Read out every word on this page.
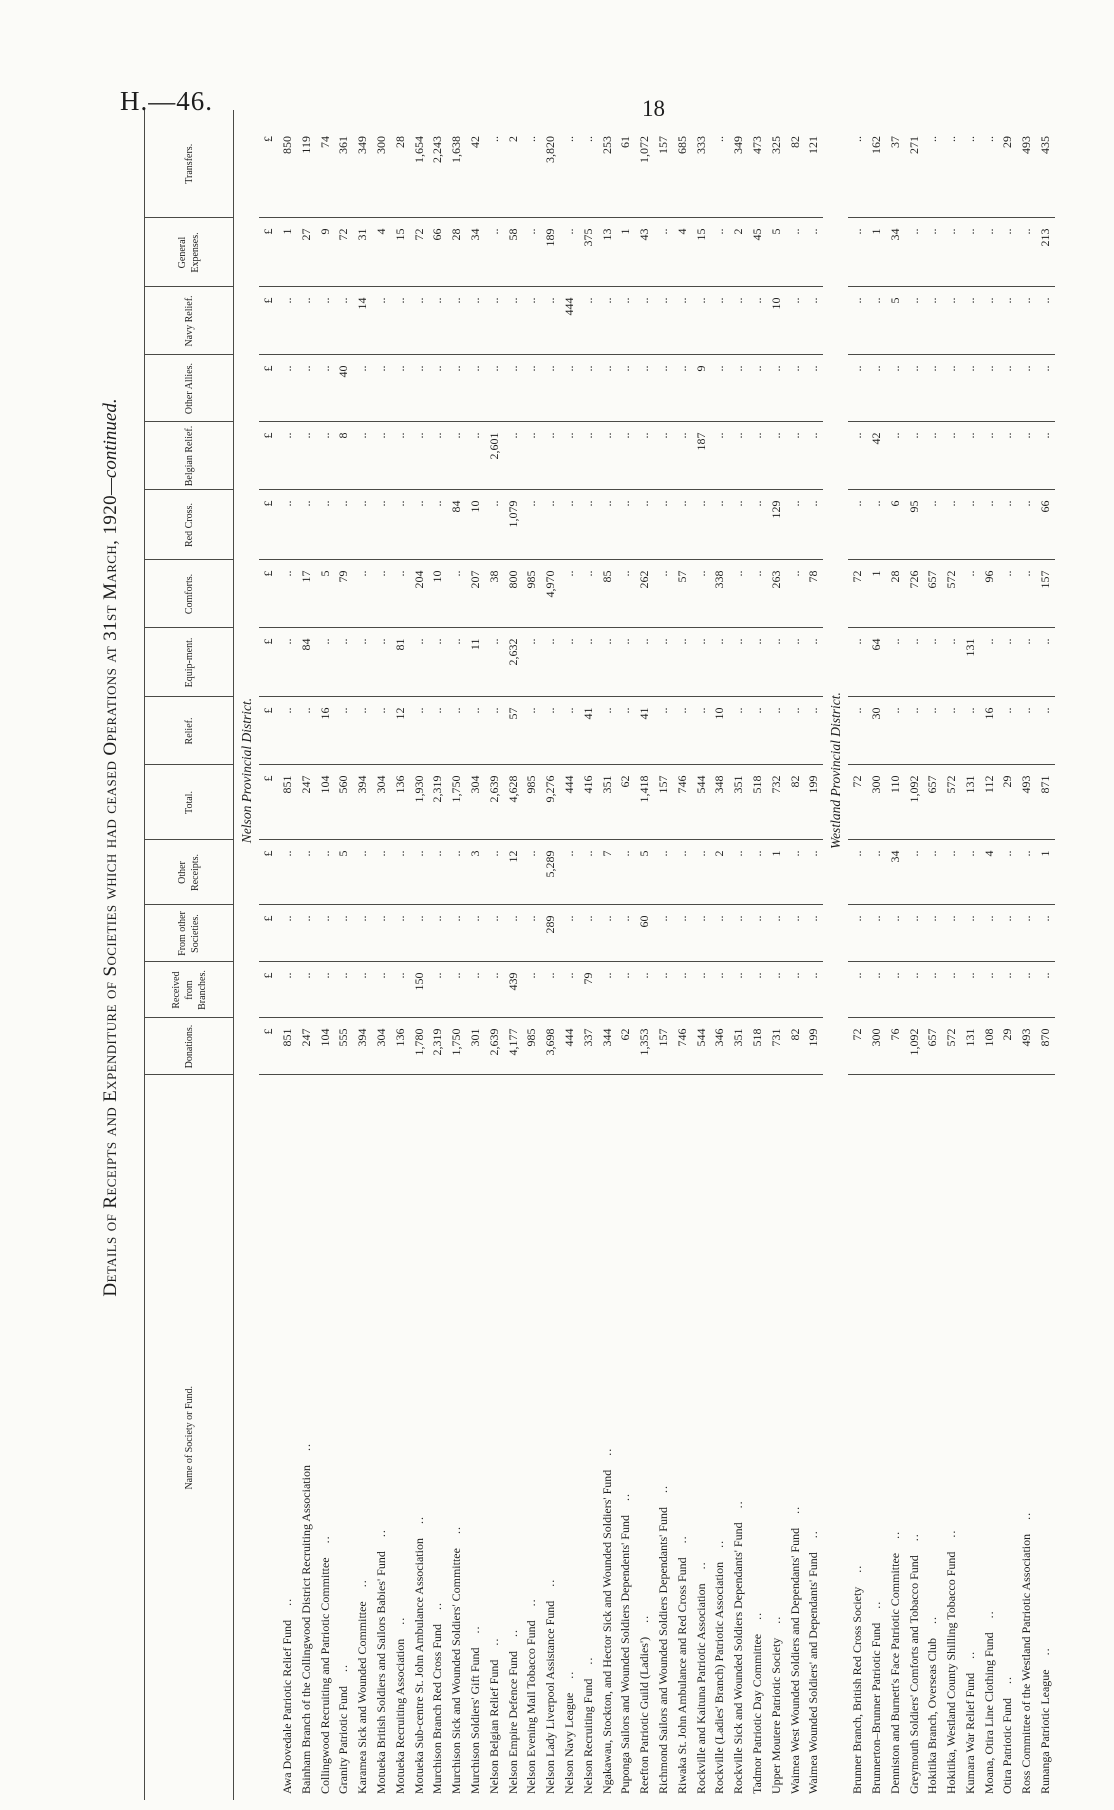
H.—46.	18
Details of Receipts and Expenditure of Societies which had ceased Operations at 31st March, 1920—continued.
Name of Society or Fund.	Donations.	Received from Branches.	From other Societies.	Other Receipts.	Total.	Relief.	Equip-ment.	Comforts.	Red Cross.	Belgian Relief.	Other Allies.	Navy Relief.	General Expenses.	Transfers.
Nelson Provincial District.														
	£	£	£	£	£	£	£	£	£	£	£	£	£	£
Awa Dovedale Patriotic Relief Fund..	851	..	..	..	851	..	..	..	..	..	..	..	1	850
Bainham Branch of the Collingwood District Recruiting Association..	247	..	..	..	247	..	84	17	..	..	..	..	27	119
Collingwood Recruiting and Patriotic Committee..	104	..	..	..	104	16	..	5	..	..	..	..	9	74
Granity Patriotic Fund..	555	..	..	5	560	..	..	79	..	8	40	..	72	361
Karamea Sick and Wounded Committee..	394	..	..	..	394	..	..	..	..	..	..	14	31	349
Motueka British Soldiers and Sailors Babies' Fund..	304	..	..	..	304	..	..	..	..	..	..	..	4	300
Motueka Recruiting Association..	136	..	..	..	136	12	81	..	..	..	..	..	15	28
Motueka Sub-centre St. John Ambulance Association..	1,780	150	..	..	1,930	..	..	204	..	..	..	..	72	1,654
Murchison Branch Red Cross Fund..	2,319	..	..	..	2,319	..	..	10	..	..	..	..	66	2,243
Murchison Sick and Wounded Soldiers' Committee..	1,750	..	..	..	1,750	..	..	..	84	..	..	..	28	1,638
Murchison Soldiers' Gift Fund..	301	..	..	3	304	..	11	207	10	..	..	..	34	42
Nelson Belgian Relief Fund..	2,639	..	..	..	2,639	..	..	38	..	2,601	..	..	..	..
Nelson Empire Defence Fund..	4,177	439	..	12	4,628	57	2,632	800	1,079	..	..	..	58	2
Nelson Evening Mail Tobacco Fund..	985	..	..	..	985	..	..	985	..	..	..	..	..	..
Nelson Lady Liverpool Assistance Fund..	3,698	..	289	5,289	9,276	..	..	4,970	..	..	..	..	189	3,820
Nelson Navy League..	444	..	..	..	444	..	..	..	..	..	..	444	..	..
Nelson Recruiting Fund..	337	79	..	..	416	41	..	..	..	..	..	..	375	..
Ngakawau, Stockton, and Hector Sick and Wounded Soldiers' Fund..	344	..	..	7	351	..	..	85	..	..	..	..	13	253
Puponga Sailors and Wounded Soldiers Dependents' Fund..	62	..	..	..	62	..	..	..	..	..	..	..	1	61
Reefton Patriotic Guild (Ladies')..	1,353	..	60	5	1,418	41	..	262	..	..	..	..	43	1,072
Richmond Sailors and Wounded Soldiers Dependants' Fund..	157	..	..	..	157	..	..	..	..	..	..	..	..	157
Riwaka St. John Ambulance and Red Cross Fund..	746	..	..	..	746	..	..	57	..	..	..	..	4	685
Rockville and Kaituna Patriotic Association..	544	..	..	..	544	..	..	..	..	187	9	..	15	333
Rockville (Ladies' Branch) Patriotic Association..	346	..	..	2	348	10	..	338	..	..	..	..	..	..
Rockville Sick and Wounded Soldiers Dependants' Fund..	351	..	..	..	351	..	..	..	..	..	..	..	2	349
Tadmor Patriotic Day Committee..	518	..	..	..	518	..	..	..	..	..	..	..	45	473
Upper Moutere Patriotic Society..	731	..	..	1	732	..	..	263	129	..	..	10	5	325
Waimea West Wounded Soldiers and Dependants' Fund..	82	..	..	..	82	..	..	..	..	..	..	..	..	82
Waimea Wounded Soldiers' and Dependants' Fund..	199	..	..	..	199	..	..	78	..	..	..	..	..	121
Westland Provincial District.														
Brunner Branch, British Red Cross Society..	72	..	..	..	72	..	..	72	..	..	..	..	..	..
Brunnerton–Brunner Patriotic Fund..	300	..	..	..	300	30	64	1	..	42	..	..	1	162
Denniston and Burnett's Face Patriotic Committee..	76	..	..	34	110	..	..	28	6	..	..	5	34	37
Greymouth Soldiers' Comforts and Tobacco Fund..	1,092	..	..	..	1,092	..	..	726	95	..	..	..	..	271
Hokitika Branch, Overseas Club..	657	..	..	..	657	..	..	657	..	..	..	..	..	..
Hokitika, Westland County Shilling Tobacco Fund..	572	..	..	..	572	..	..	572	..	..	..	..	..	..
Kumara War Relief Fund..	131	..	..	..	131	..	131	..	..	..	..	..	..	..
Moana, Otira Line Clothing Fund..	108	..	..	4	112	16	..	96	..	..	..	..	..	..
Otira Patriotic Fund..	29	..	..	..	29	..	..	..	..	..	..	..	..	29
Ross Committee of the Westland Patriotic Association..	493	..	..	..	493	..	..	..	..	..	..	..	..	493
Runanga Patriotic League..	870	..	..	1	871	..	..	157	66	..	..	..	213	435
